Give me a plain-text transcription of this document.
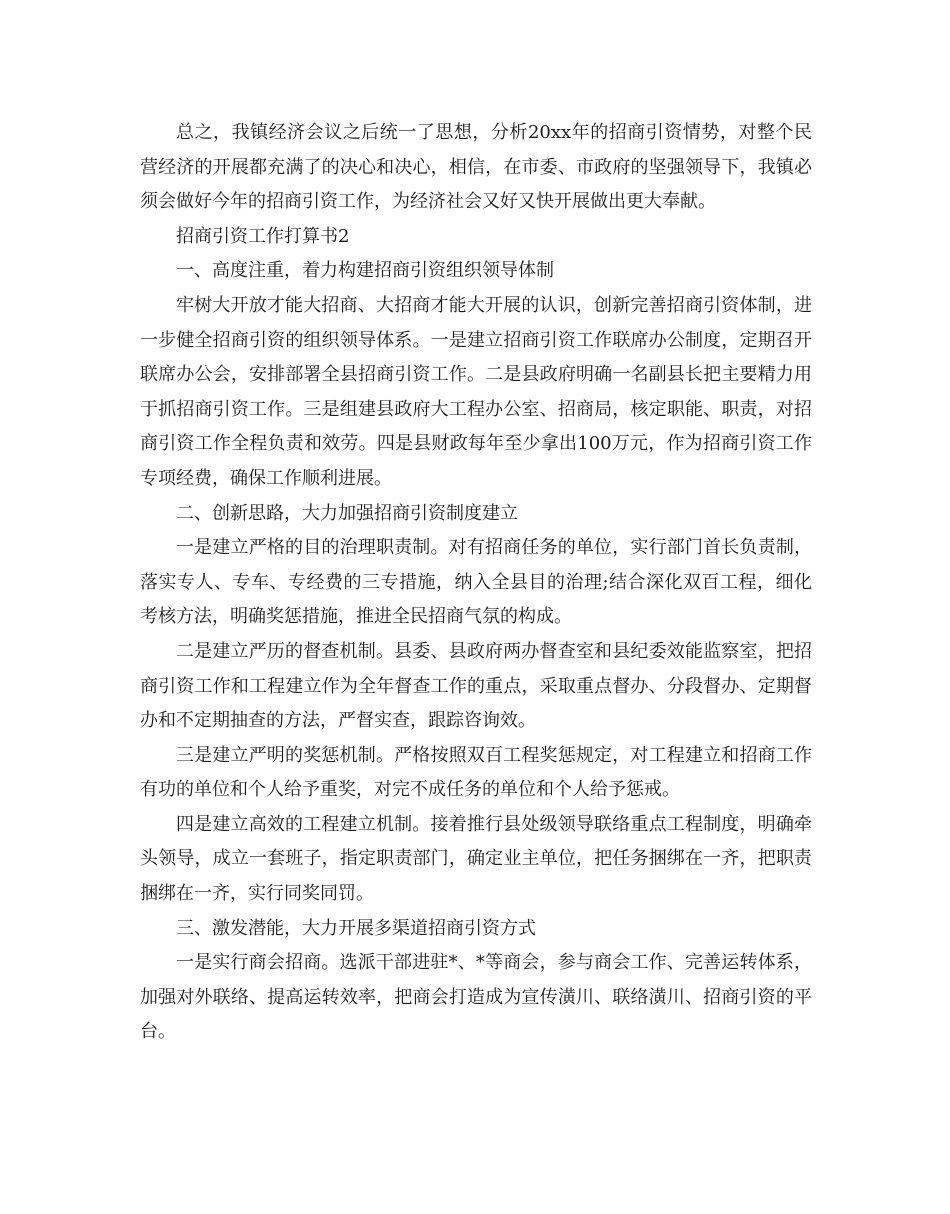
总之，我镇经济会议之后统一了思想，分析20xx年的招商引资情势，对整个民营经济的开展都充满了的决心和决心，相信，在市委、市政府的坚强领导下，我镇必须会做好今年的招商引资工作，为经济社会又好又快开展做出更大奉献。

招商引资工作打算书2

一、高度注重，着力构建招商引资组织领导体制

牢树大开放才能大招商、大招商才能大开展的认识，创新完善招商引资体制，进一步健全招商引资的组织领导体系。一是建立招商引资工作联席办公制度，定期召开联席办公会，安排部署全县招商引资工作。二是县政府明确一名副县长把主要精力用于抓招商引资工作。三是组建县政府大工程办公室、招商局，核定职能、职责，对招商引资工作全程负责和效劳。四是县财政每年至少拿出100万元，作为招商引资工作专项经费，确保工作顺利进展。

二、创新思路，大力加强招商引资制度建立

一是建立严格的目的治理职责制。对有招商任务的单位，实行部门首长负责制，落实专人、专车、专经费的三专措施，纳入全县目的治理;结合深化双百工程，细化考核方法，明确奖惩措施，推进全民招商气氛的构成。

二是建立严历的督查机制。县委、县政府两办督查室和县纪委效能监察室，把招商引资工作和工程建立作为全年督查工作的重点，采取重点督办、分段督办、定期督办和不定期抽查的方法，严督实查，跟踪咨询效。

三是建立严明的奖惩机制。严格按照双百工程奖惩规定，对工程建立和招商工作有功的单位和个人给予重奖，对完不成任务的单位和个人给予惩戒。

四是建立高效的工程建立机制。接着推行县处级领导联络重点工程制度，明确牵头领导，成立一套班子，指定职责部门，确定业主单位，把任务捆绑在一齐，把职责捆绑在一齐，实行同奖同罚。

三、激发潜能，大力开展多渠道招商引资方式

一是实行商会招商。选派干部进驻*、*等商会，参与商会工作、完善运转体系，加强对外联络、提高运转效率，把商会打造成为宣传潢川、联络潢川、招商引资的平台。
